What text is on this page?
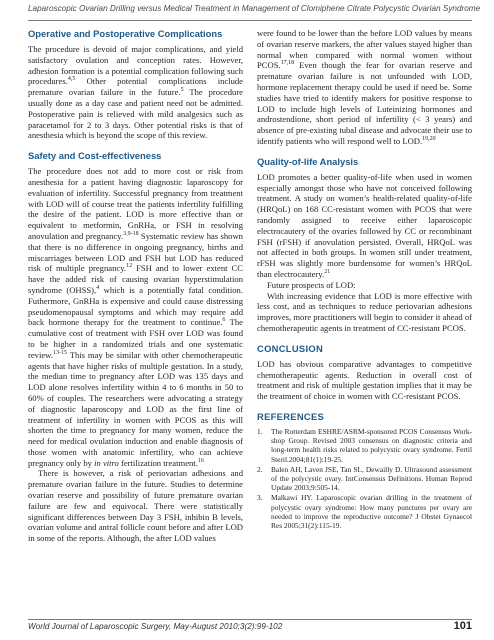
Laparoscopic Ovarian Drilling versus Medical Treatment in Management of Clomiphene Citrate Polycystic Ovarian Syndrome
Operative and Postoperative Complications

The procedure is devoid of major complications, and yield satisfactory ovulation and conception rates. However, adhesion formation is a potential complication following such procedures.$^{4,5}$ Other potential complications include premature ovarian failure in the future.$^5$ The procedure usually done as a day case and patient need not be admitted. Postoperative pain is relieved with mild analgesics such as paracetamol for 2 to 3 days. Other potential risks is that of anesthesia which is beyond the scope of this review.

Safety and Cost-effectiveness

The procedure does not add to more cost or risk from anesthesia for a patient having diagnostic laparoscopy for evaluation of infertility. Successful pregnancy from treatment with LOD will of course treat the patients infertility fulfilling the desire of the patient. LOD is more effective than or equivalent to metformin, GnRHa, or FSH in resolving anovulation and pregnancy.$^{3,9-18}$ Systematic review has shown that there is no difference in ongoing pregnancy, births and miscarriages between LOD and FSH but LOD has reduced risk of multiple pregnancy.$^{12}$ FSH and to lower extent CC have the added risk of causing ovarian hyperstimulation syndrome (OHSS),$^4$ which is a potentially fatal condition. Futhermore, GnRHa is expensive and could cause distressing pseudomenopausal symptoms and which may require add back hormone therapy for the treatment to continue.$^6$ The cumulative cost of treatment with FSH over LOD was found to be higher in a randomized trials and one systematic review.$^{13-15}$ This may be similar with other chemotherapeutic agents that have higher risks of multiple gestation. In a study, the median time to pregnancy after LOD was 135 days and LOD alone resolves infertility within 4 to 6 months in 50 to 60% of couples. The researchers were advocating a strategy of diagnostic laparoscopy and LOD as the first line of treatment of infertility in women with PCOS as this will shorten the time to pregnancy for many women, reduce the need for medical ovulation induction and enable diagnosis of those women with anatomic infertility, who can achieve pregnancy only by in vitro fertilization treatment.$^{16}$

There is however, a risk of periovarian adhesions and premature ovarian failure in the future. Studies to determine ovarian reserve and possibility of future premature ovarian failure are few and equivocal. There were statistically significant differences between Day 3 FSH, inhibin B levels, ovarian volume and antral follicle count before and after LOD in some of the reports. Although, the after LOD values

were found to be lower than the before LOD values by means of ovarian reserve markers, the after values stayed higher than normal when compared with normal women without PCOS.$^{17,18}$ Even though the fear for ovarian reserve and premature ovarian failure is not unfounded with LOD, hormone replacement therapy could be used if need be. Some studies have tried to identify makers for positive response to LOD to include high levels of Luteinizing hormones and androstendione, short period of infertility (< 3 years) and absence of pre-existing tubal disease and advocate their use to identify patients who will respond well to LOD.$^{19,20}$

Quality-of-life Analysis

LOD promotes a better quality-of-life when used in women especially amongst those who have not conceived following treatment. A study on women’s health-related quality-of-life (HRQoL) on 168 CC-resistant women with PCOS that were randomly assigned to receive either laparoscopic electrocautery of the ovaries followed by CC or recombinant FSH (rFSH) if anovulation persisted. Overall, HRQoL was not affected in both groups. In women still under treatment, rFSH was slightly more burdensome for women’s HRQoL than electrocautery.$^{21}$

Future prospects of LOD:

With increasing evidence that LOD is more effective with less cost, and as techniques to reduce periovarian adhesions improves, more practitioners will begin to consider it ahead of chemotherapeutic agents in treatment of CC-resistant PCOS.

CONCLUSION

LOD has obvious comparative advantages to competitive chemotherapeutic agents. Reduction in overall cost of treatment and risk of multiple gestation implies that it may be the treatment of choice in women with CC-resistant PCOS.

REFERENCES
1. The Rotterdam ESHRE/ASRM-sponsored PCOS Consensus Work-shop Group. Revised 2003 consensus on diagnostic criteria and long-term health risks related to polycystic ovary syndrome. Fertil Steril.2004;81(1):19-25.
2. Balen AH, Laven JSE, Tan SL, Dewailly D. Ultrasound assessment of the polycystic ovary. IntConsensus Definitions. Human Reprod Update 2003;9:505-14.
3. Malkawi HY. Laparoscopic ovarian drilling in the treatment of polycystic ovary syndrome: How many punctures per ovary are needed to improve the reproductive outcome? J Obstet Gynaecol Res 2005;31(2):115-19.
World Journal of Laparoscopic Surgery, May-August 2010;3(2):99-102	101
